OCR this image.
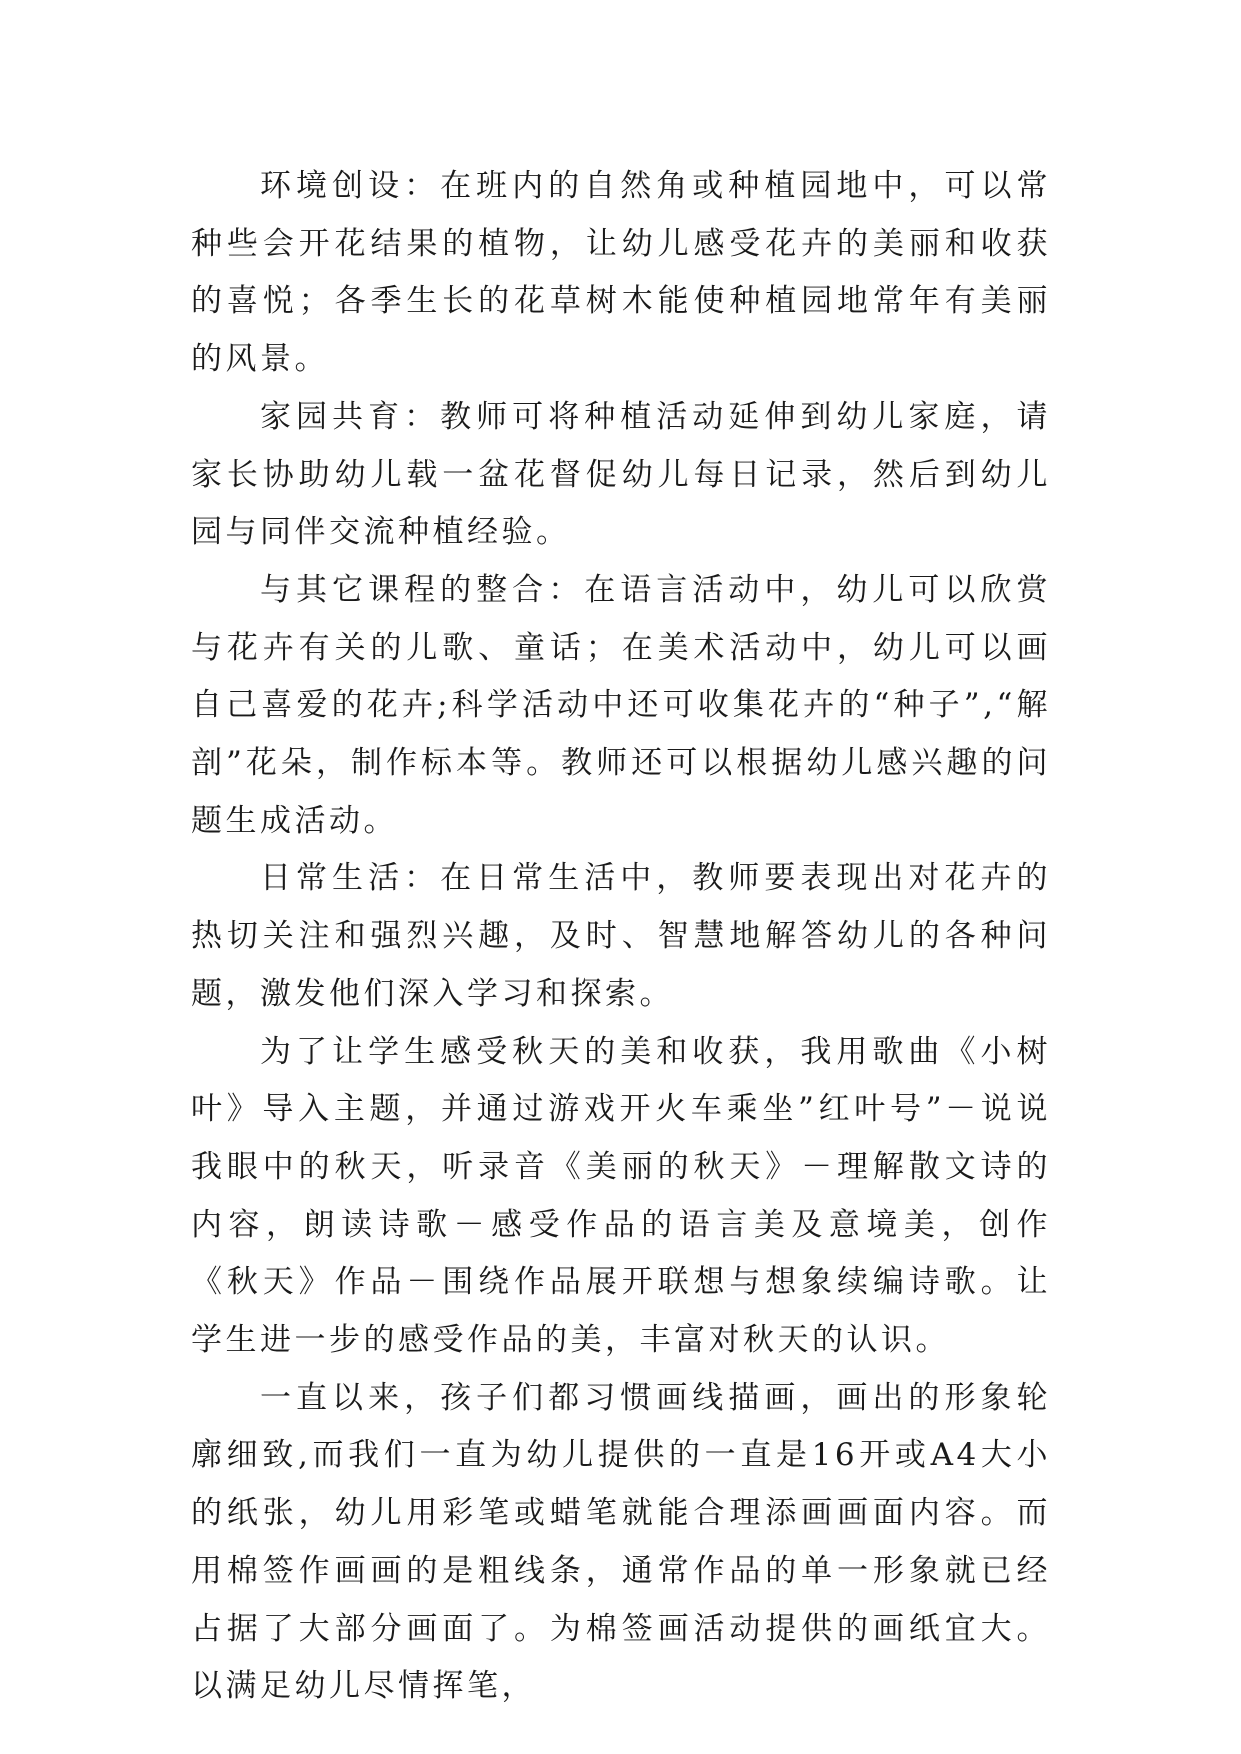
环境创设：在班内的自然角或种植园地中，可以常种些会开花结果的植物，让幼儿感受花卉的美丽和收获的喜悦；各季生长的花草树木能使种植园地常年有美丽的风景。

家园共育：教师可将种植活动延伸到幼儿家庭，请家长协助幼儿载一盆花督促幼儿每日记录，然后到幼儿园与同伴交流种植经验。

与其它课程的整合：在语言活动中，幼儿可以欣赏与花卉有关的儿歌、童话；在美术活动中，幼儿可以画自己喜爱的花卉;科学活动中还可收集花卉的“种子”,“解剖”花朵，制作标本等。教师还可以根据幼儿感兴趣的问题生成活动。

日常生活：在日常生活中，教师要表现出对花卉的热切关注和强烈兴趣，及时、智慧地解答幼儿的各种问题，激发他们深入学习和探索。

为了让学生感受秋天的美和收获，我用歌曲《小树叶》导入主题，并通过游戏开火车乘坐”红叶号”－说说我眼中的秋天，听录音《美丽的秋天》－理解散文诗的内容，朗读诗歌－感受作品的语言美及意境美，创作《秋天》作品－围绕作品展开联想与想象续编诗歌。让学生进一步的感受作品的美，丰富对秋天的认识。

一直以来，孩子们都习惯画线描画，画出的形象轮廓细致,而我们一直为幼儿提供的一直是16开或A4大小的纸张，幼儿用彩笔或蜡笔就能合理添画画面内容。而用棉签作画画的是粗线条，通常作品的单一形象就已经占据了大部分画面了。为棉签画活动提供的画纸宜大。以满足幼儿尽情挥笔，
